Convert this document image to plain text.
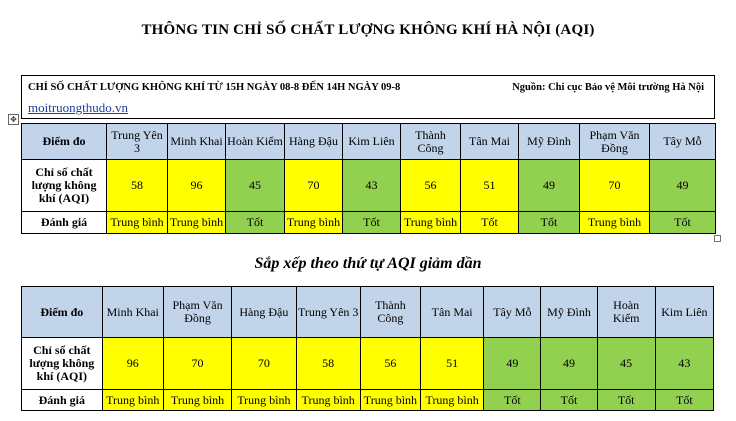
THÔNG TIN CHỈ SỐ CHẤT LƯỢNG KHÔNG KHÍ HÀ NỘI (AQI)
CHỈ SỐ CHẤT LƯỢNG KHÔNG KHÍ TỪ 15H NGÀY 08-8 ĐẾN 14H NGÀY 09-8	Nguồn: Chi cục Bảo vệ Môi trường Hà Nội
moitruongthudo.vn
✥
Điểm đo	Trung Yên 3	Minh Khai	Hoàn Kiếm	Hàng Đậu	Kim Liên	Thành Công	Tân Mai	Mỹ Đình	Phạm Văn Đồng	Tây Mỗ
Chỉ số chất lượng không khí (AQI)	58	96	45	70	43	56	51	49	70	49
Đánh giá	Trung bình	Trung bình	Tốt	Trung bình	Tốt	Trung bình	Tốt	Tốt	Trung bình	Tốt
Sắp xếp theo thứ tự AQI giảm dần
Điểm đo	Minh Khai	Phạm Văn Đồng	Hàng Đậu	Trung Yên 3	Thành Công	Tân Mai	Tây Mỗ	Mỹ Đình	Hoàn Kiếm	Kim Liên
Chỉ số chất lượng không khí (AQI)	96	70	70	58	56	51	49	49	45	43
Đánh giá	Trung bình	Trung bình	Trung bình	Trung bình	Trung bình	Trung bình	Tốt	Tốt	Tốt	Tốt
